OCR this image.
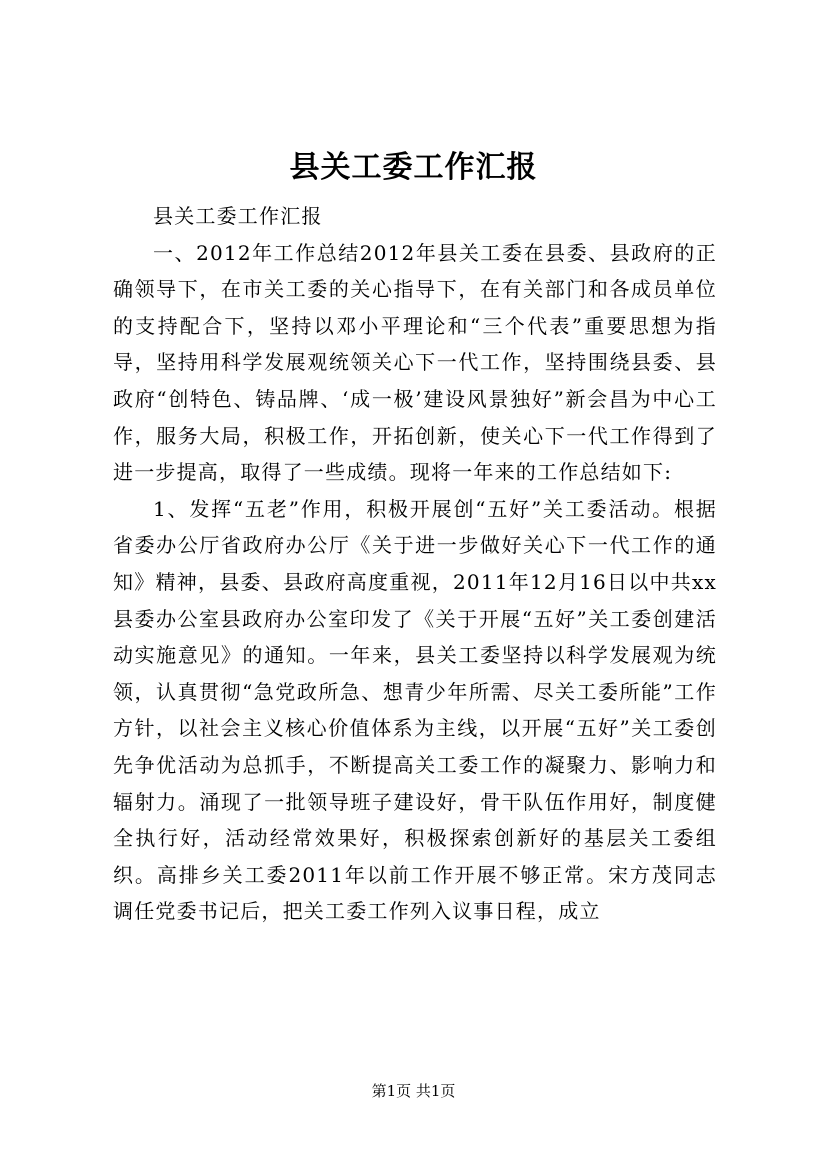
县关工委工作汇报

县关工委工作汇报

一、2012年工作总结2012年县关工委在县委、县政府的正确领导下，在市关工委的关心指导下，在有关部门和各成员单位的支持配合下，坚持以邓小平理论和“三个代表”重要思想为指导，坚持用科学发展观统领关心下一代工作，坚持围绕县委、县政府“创特色、铸品牌、‘成一极’建设风景独好”新会昌为中心工作，服务大局，积极工作，开拓创新，使关心下一代工作得到了进一步提高，取得了一些成绩。现将一年来的工作总结如下:

1、发挥“五老”作用，积极开展创“五好”关工委活动。根据省委办公厅省政府办公厅《关于进一步做好关心下一代工作的通知》精神，县委、县政府高度重视，2011年12月16日以中共xx县委办公室县政府办公室印发了《关于开展“五好”关工委创建活动实施意见》的通知。一年来，县关工委坚持以科学发展观为统领，认真贯彻“急党政所急、想青少年所需、尽关工委所能”工作方针，以社会主义核心价值体系为主线，以开展“五好”关工委创先争优活动为总抓手，不断提高关工委工作的凝聚力、影响力和辐射力。涌现了一批领导班子建设好，骨干队伍作用好，制度健全执行好，活动经常效果好，积极探索创新好的基层关工委组织。高排乡关工委2011年以前工作开展不够正常。宋方茂同志调任党委书记后，把关工委工作列入议事日程，成立

第1页 共1页
